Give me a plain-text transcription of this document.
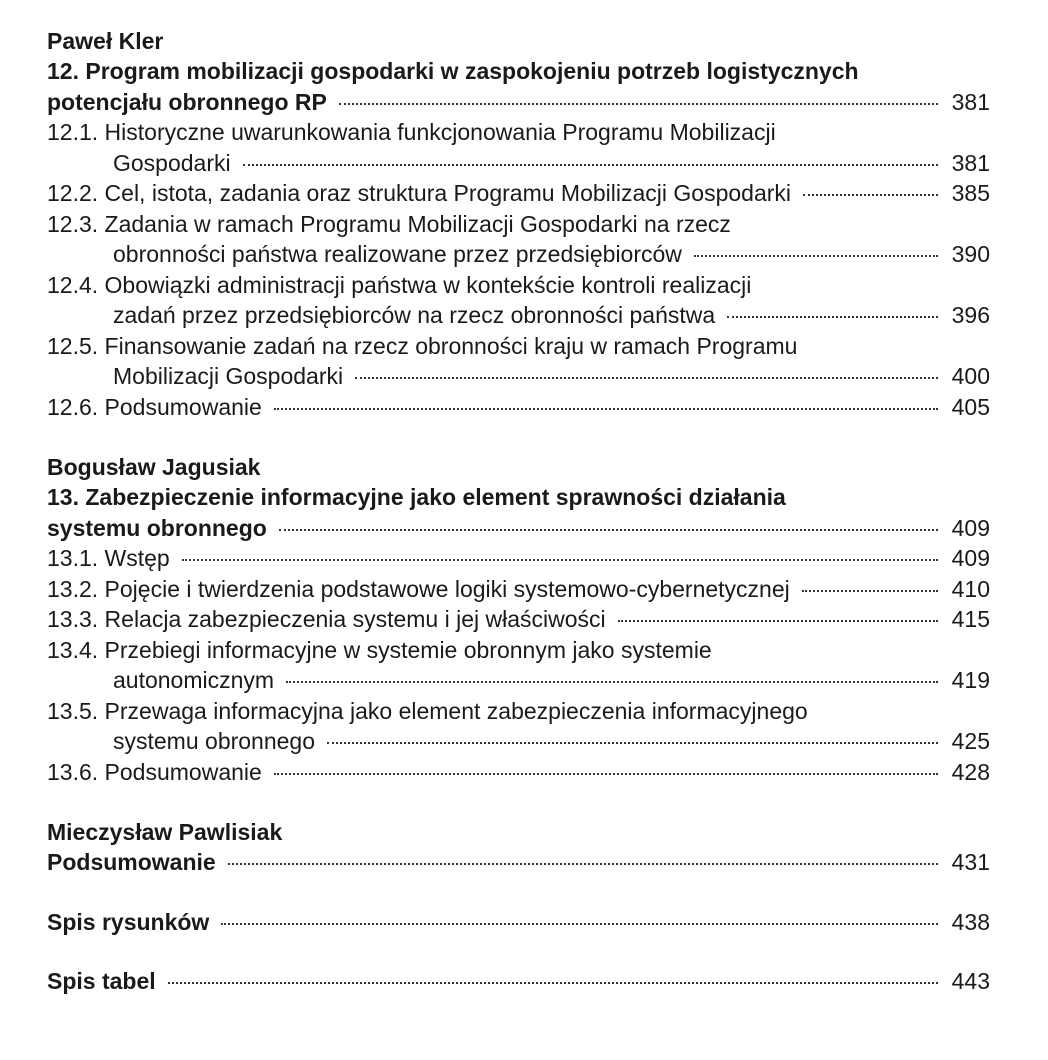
Paweł Kler
12. Program mobilizacji gospodarki w zaspokojeniu potrzeb logistycznych
potencjału obronnego RP	381
12.1. Historyczne uwarunkowania funkcjonowania Programu Mobilizacji
Gospodarki	381
12.2. Cel, istota, zadania oraz struktura Programu Mobilizacji Gospodarki	385
12.3. Zadania w ramach Programu Mobilizacji Gospodarki na rzecz
obronności państwa realizowane przez przedsiębiorców	390
12.4. Obowiązki administracji państwa w kontekście kontroli realizacji
zadań przez przedsiębiorców na rzecz obronności państwa	396
12.5. Finansowanie zadań na rzecz obronności kraju w ramach Programu
Mobilizacji Gospodarki	400
12.6. Podsumowanie	405
Bogusław Jagusiak
13. Zabezpieczenie informacyjne jako element sprawności działania
systemu obronnego	409
13.1. Wstęp	409
13.2. Pojęcie i twierdzenia podstawowe logiki systemowo-cybernetycznej	410
13.3. Relacja zabezpieczenia systemu i jej właściwości	415
13.4. Przebiegi informacyjne w systemie obronnym jako systemie
autonomicznym	419
13.5. Przewaga informacyjna jako element zabezpieczenia informacyjnego
systemu obronnego	425
13.6. Podsumowanie	428
Mieczysław Pawlisiak
Podsumowanie	431
Spis rysunków	438
Spis tabel	443
